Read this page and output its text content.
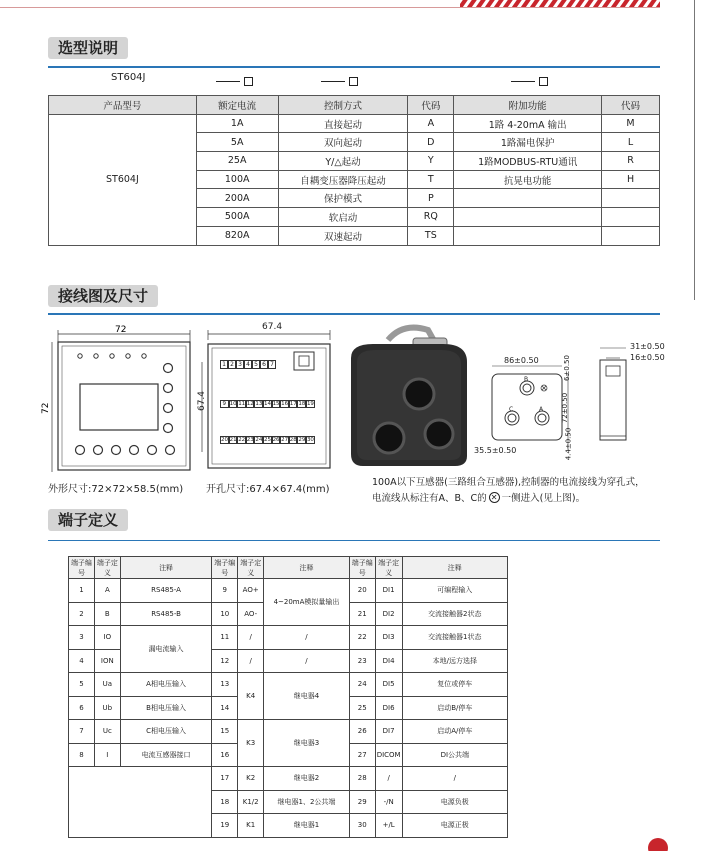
选型说明
ST604J
产品型号	额定电流	控制方式	代码	附加功能	代码
ST604J	1A	直接起动	A	1路 4-20mA 输出	M
	5A	双向起动	D	1路漏电保护	L
	25A	Y/△起动	Y	1路MODBUS-RTU通讯	R
	100A	自耦变压器降压起动	T	抗晃电功能	H
	200A	保护模式	P		
	500A	软启动	RQ		
	820A	双速起动	TS		
接线图及尺寸
72
72
67.4
67.4
1 2 3 4 5 6 7
9 10 11 12 13 14 15 16 17 18 19
20 21 22 23 24 25 26 27 28 29 30
86±0.50	6±0.50
72±0.50
4.4±0.50
35.5±0.50
B
C	A
31±0.50
16±0.50
外形尺寸:72×72×58.5(mm) 开孔尺寸:67.4×67.4(mm)
100A以下互感器(三路组合互感器),控制器的电流接线为穿孔式，
电流线从标注有A、B、C的 ✕ 一侧进入(见上图)。
端子定义
端子编号	端子定义	注释	端子编号	端子定义	注释	端子编号	端子定义	注释
1	A	RS485-A	9	AO+	4~20mA模拟量输出	20	DI1	可编程输入
2	B	RS485-B	10	AO-		21	DI2	交流接触器2状态
3	IO	漏电流输入	11	/	/	22	DI3	交流接触器1状态
4	ION		12	/	/	23	DI4	本地/远方选择
5	Ua	A相电压输入	13	K4	继电器4	24	DI5	复位或停车
6	Ub	B相电压输入	14			25	DI6	启动B/停车
7	Uc	C相电压输入	15	K3	继电器3	26	DI7	启动A/停车
8	I	电流互感器接口	16			27	DICOM	DI公共端
			17	K2	继电器2	28	/	/
			18	K1/2	继电器1、2公共端	29	-/N	电源负极
			19	K1	继电器1	30	+/L	电源正极
